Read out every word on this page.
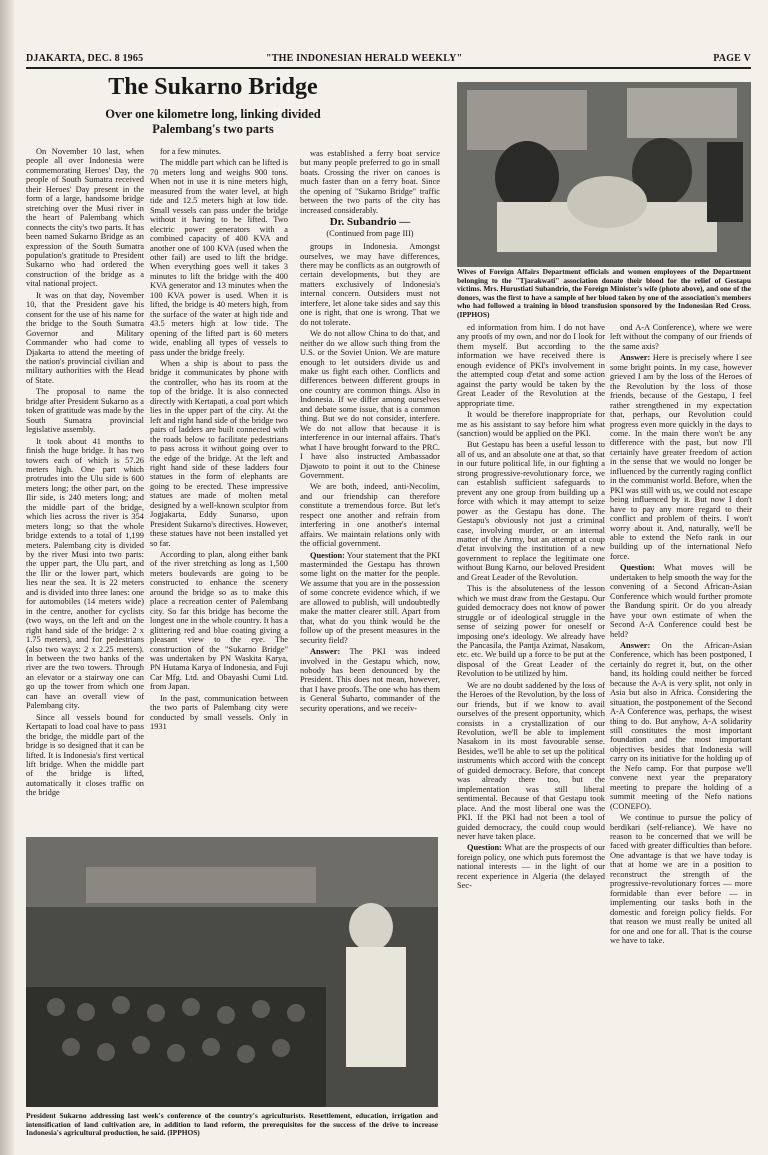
DJAKARTA, DEC. 8 1965	"THE INDONESIAN HERALD WEEKLY"	PAGE V
The Sukarno Bridge
Over one kilometre long, linking divided
Palembang's two parts

On November 10 last, when people all over Indonesia were commemorating Heroes' Day, the people of South Sumatra received their Heroes' Day present in the form of a large, handsome bridge stretching over the Musi river in the heart of Palembang which connects the city's two parts. It has been named Sukarno Bridge as an expression of the South Sumatra population's gratitude to President Sukarno who had ordered the construction of the bridge as a vital national project.

It was on that day, November 10, that the President gave his consent for the use of his name for the bridge to the South Sumatra Governor and Military Commander who had come to Djakarta to attend the meeting of the nation's provincial civilian and military authorities with the Head of State.

The proposal to name the bridge after President Sukarno as a token of gratitude was made by the South Sumatra provincial legislative assembly.

It took about 41 months to finish the huge bridge. It has two towers each of which is 57.26 meters high. One part which protrudes into the Ulu side is 600 meters long; the other part, on the Ilir side, is 240 meters long; and the middle part of the bridge, which lies across the river is 354 meters long; so that the whole bridge extends to a total of 1,199 meters. Palembang city is divided by the river Musi into two parts: the upper part, the Ulu part, and the Ilir or the lower part, which lies near the sea. It is 22 meters and is divided into three lanes: one for automobiles (14 meters wide) in the centre, another for cyclists (two ways, on the left and on the right hand side of the bridge: 2 x 1.75 meters), and for pedestrians (also two ways: 2 x 2.25 meters). In between the two banks of the river are the two towers. Through an elevator or a stairway one can go up the tower from which one can have an overall view of Palembang city.

Since all vessels bound for Kertapati to load coal have to pass the bridge, the middle part of the bridge is so designed that it can be lifted. It is Indonesia's first vertical lift bridge. When the middle part of the bridge is lifted, automatically it closes traffic on the bridge

for a few minutes.

The middle part which can be lifted is 70 meters long and weighs 900 tons. When not in use it is nine meters high, measured from the water level, at high tide and 12.5 meters high at low tide. Small vessels can pass under the bridge without it having to be lifted. Two electric power generators with a combined capacity of 400 KVA and another one of 100 KVA (used when the other fail) are used to lift the bridge. When everything goes well it takes 3 minutes to lift the bridge with the 400 KVA generator and 13 minutes when the 100 KVA power is used. When it is lifted, the bridge is 40 meters high, from the surface of the water at high tide and 43.5 meters high at low tide. The opening of the lifted part is 60 meters wide, enabling all types of vessels to pass under the bridge freely.

When a ship is about to pass the bridge it communicates by phone with the controller, who has its room at the top of the bridge. It is also connected directly with Kertapati, a coal port which lies in the upper part of the city. At the left and right hand side of the bridge two pairs of ladders are built connected with the roads below to facilitate pedestrians to pass across it without going over to the edge of the bridge. At the left and right hand side of these ladders four statues in the form of elephants are going to be erected. These impressive statues are made of molten metal designed by a well-known sculptor from Jogjakarta, Eddy Sunarso, upon President Sukarno's directives. However, these statues have not been installed yet so far.

According to plan, along either bank of the river stretching as long as 1,500 meters boulevards are going to be constructed to enhance the scenery around the bridge so as to make this place a recreation center of Palembang city. So far this bridge has become the longest one in the whole country. It has a glittering red and blue coating giving a pleasant view to the eye. The construction of the "Sukarno Bridge" was undertaken by PN Waskita Karya, PN Hutama Karya of Indonesia, and Fuji Car Mfg. Ltd. and Obayashi Cumi Ltd. from Japan.

In the past, communication between the two parts of Palembang city were conducted by small vessels. Only in 1931

was established a ferry boat service but many people preferred to go in small boats. Crossing the river on canoes is much faster than on a ferry boat. Since the opening of "Sukarno Bridge" traffic between the two parts of the city has increased considerably.

Dr. Subandrio —
(Continued from page III)

groups in Indonesia. Amongst ourselves, we may have differences, there may be conflicts as an outgrowth of certain developments, but they are matters exclusively of Indonesia's internal concern. Outsiders must not interfere, let alone take sides and say this one is right, that one is wrong. That we do not tolerate.

We do not allow China to do that, and neither do we allow such thing from the U.S. or the Soviet Union. We are mature enough to let outsiders divide us and make us fight each other. Conflicts and differences between different groups in one country are common things. Also in Indonesia. If we differ among ourselves and debate some issue, that is a common thing. But we do not consider, interfere. We do not allow that because it is interference in our internal affairs. That's what I have brought forward to the PRC. I have also instructed Ambassador Djawoto to point it out to the Chinese Government.

We are both, indeed, anti-Necolim, and our friendship can therefore constitute a tremendous force. But let's respect one another and refrain from interfering in one another's internal affairs. We maintain relations only with the official government.

Question: Your statement that the PKI masterminded the Gestapu has thrown some light on the matter for the people. We assume that you are in the possession of some concrete evidence which, if we are allowed to publish, will undoubtedly make the matter clearer still. Apart from that, what do you think would be the follow up of the present measures in the security field?

Answer: The PKI was indeed involved in the Gestapu which, now, nobody has been denounced by the President. This does not mean, however, that I have proofs. The one who has them is General Suharto, commander of the security operations, and we receiv-

Wives of Foreign Affairs Department officials and women employees of the Department belonging to the "Tjarakwati" association donate their blood for the relief of Gestapu victims. Mrs. Hurustiati Subandrio, the Foreign Minister's wife (photo above), and one of the donors, was the first to have a sample of her blood taken by one of the association's members who had followed a training in blood transfusion sponsored by the Indonesian Red Cross. (IPPHOS)

ed information from him. I do not have any proofs of my own, and nor do I look for them myself. But according to the information we have received there is enough evidence of PKI's involvement in the attempted coup d'etat and some action against the party would be taken by the Great Leader of the Revolution at the appropriate time.

It would be therefore inappropriate for me as his assistant to say before him what (sanction) would be applied on the PKI.

But Gestapu has been a useful lesson to all of us, and an absolute one at that, so that in our future political life, in our fighting a strong progressive-revolutionary force, we can establish sufficient safeguards to prevent any one group from building up a force with which it may attempt to seize power as the Gestapu has done. The Gestapu's obviously not just a criminal case, involving murder, or an internal matter of the Army, but an attempt at coup d'etat involving the institution of a new government to replace the legitimate one without Bung Karno, our beloved President and Great Leader of the Revolution.

This is the absoluteness of the lesson which we must draw from the Gestapu. Our guided democracy does not know of power struggle or of ideological struggle in the sense of seizing power for oneself or imposing one's ideology. We already have the Pancasila, the Pantja Azimat, Nasakom, etc. etc. We build up a force to be put at the disposal of the Great Leader of the Revolution to be utilized by him.

We are no doubt saddened by the loss of the Heroes of the Revolution, by the loss of our friends, but if we know to avail ourselves of the present opportunity, which consists in a crystallization of our Revolution, we'll be able to implement Nasakom in its most favourable sense. Besides, we'll be able to set up the political instruments which accord with the concept of guided democracy. Before, that concept was already there too, but the implementation was still liberal sentimental. Because of that Gestapu took place. And the most liberal one was the PKI. If the PKI had not been a tool of guided democracy, the could coup would never have taken place.

Question: What are the prospects of our foreign policy, one which puts foremost the national interests — in the light of our recent experience in Algeria (the delayed Sec-

ond A-A Conference), where we were left without the company of our friends of the same axis?

Answer: Here is precisely where I see some bright points. In my case, however grieved I am by the loss of the Heroes of the Revolution by the loss of those friends, because of the Gestapu, I feel rather strengthened in my expectation that, perhaps, our Revolution could progress even more quickly in the days to come. In the main there won't be any difference with the past, but now I'll certainly have greater freedom of action in the sense that we would no longer be influenced by the currently raging conflict in the communist world. Before, when the PKI was still with us, we could not escape being influenced by it. But now I don't have to pay any more regard to their conflict and problem of theirs. I won't worry about it. And, naturally, we'll be able to extend the Nefo rank in our building up of the international Nefo force.

Question: What moves will be undertaken to help smooth the way for the convening of a Second African-Asian Conference which would further promote the Bandung spirit. Or do you already have your own estimate of when the Second A-A Conference could best be held?

Answer: On the African-Asian Conference, which has been postponed, I certainly do regret it, but, on the other hand, its holding could neither be forced because the A-A is very split, not only in Asia but also in Africa. Considering the situation, the postponement of the Second A-A Conference was, perhaps, the wisest thing to do. But anyhow, A-A solidarity still constitutes the most important foundation and the most important objectives besides that Indonesia will carry on its initiative for the holding up of the Nefo camp. For that purpose we'll convene next year the preparatory meeting to prepare the holding of a summit meeting of the Nefo nations (CONEFO).

We continue to pursue the policy of berdikari (self-reliance). We have no reason to be concerned that we will be faced with greater difficulties than before. One advantage is that we have today is that at home we are in a position to reconstruct the strength of the progressive-revolutionary forces — more formidable than ever before — in implementing our tasks both in the domestic and foreign policy fields. For that reason we must really be united all for one and one for all. That is the course we have to take.

President Sukarno addressing last week's conference of the country's agriculturists. Resettlement, education, irrigation and intensification of land cultivation are, in addition to land reform, the prerequisites for the success of the drive to increase Indonesia's agricultural production, he said. (IPPHOS)
